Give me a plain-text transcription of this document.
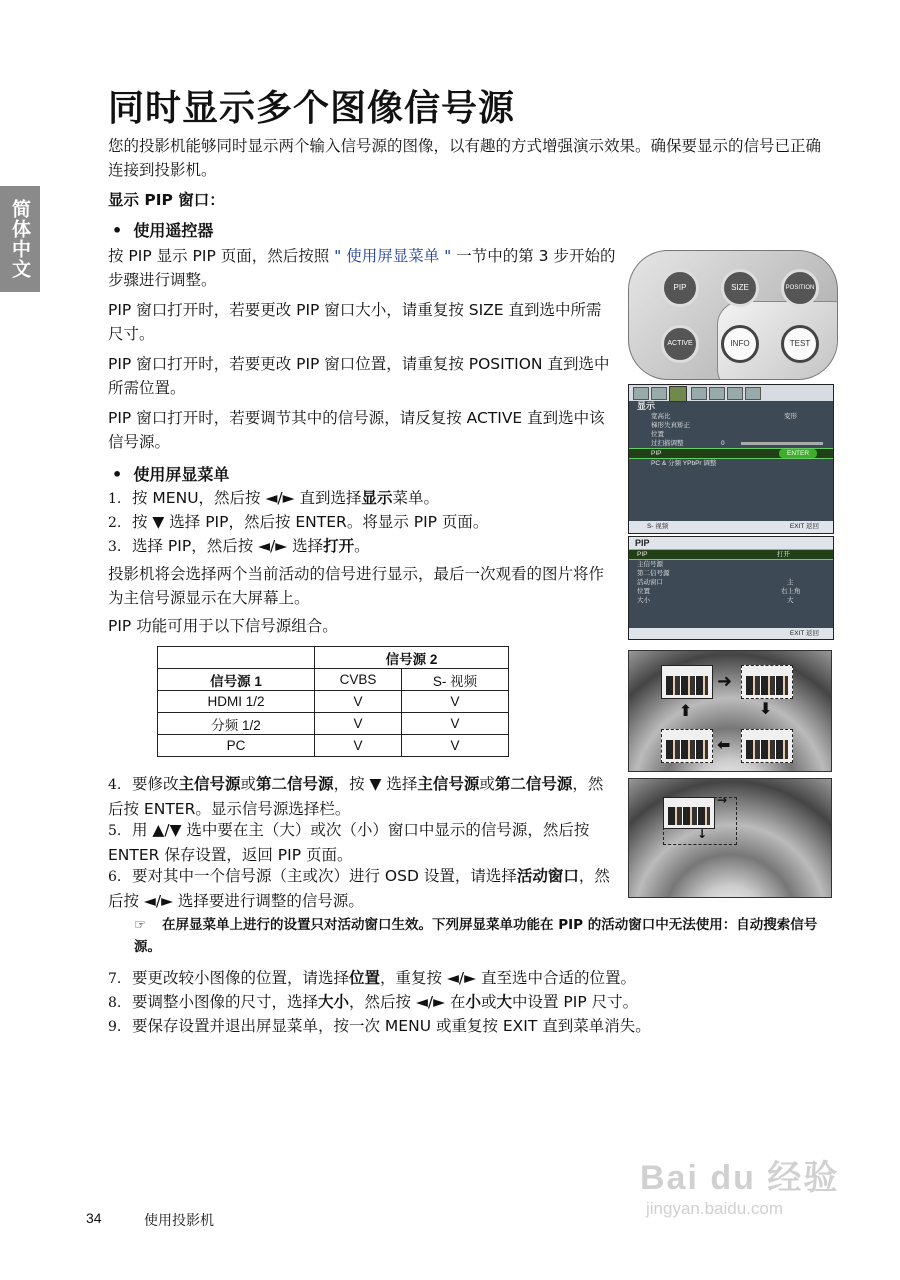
简体中文
同时显示多个图像信号源
您的投影机能够同时显示两个输入信号源的图像，以有趣的方式增强演示效果。确保要显示的信号已正确连接到投影机。
显示 PIP 窗口：
•  使用遥控器
按 PIP 显示 PIP 页面，然后按照 " 使用屏显菜单 " 一节中的第 3 步开始的步骤进行调整。
PIP 窗口打开时，若要更改 PIP 窗口大小，请重复按 SIZE 直到选中所需尺寸。
PIP 窗口打开时，若要更改 PIP 窗口位置，请重复按 POSITION 直到选中所需位置。
PIP 窗口打开时，若要调节其中的信号源，请反复按 ACTIVE 直到选中该信号源。
•  使用屏显菜单
1. 按 MENU，然后按 ◄/► 直到选择显示菜单。
2. 按 ▼ 选择 PIP，然后按 ENTER。将显示 PIP 页面。
3. 选择 PIP，然后按 ◄/► 选择打开。
投影机将会选择两个当前活动的信号进行显示，最后一次观看的图片将作为主信号源显示在大屏幕上。
PIP 功能可用于以下信号源组合。
	信号源 2	
信号源 1	CVBS	S- 视频
HDMI 1/2	V	V
分频 1/2	V	V
PC	V	V
4. 要修改主信号源或第二信号源，按 ▼ 选择主信号源或第二信号源，然后按 ENTER。显示信号源选择栏。
5. 用 ▲/▼ 选中要在主（大）或次（小）窗口中显示的信号源，然后按 ENTER 保存设置，返回 PIP 页面。
6. 要对其中一个信号源（主或次）进行 OSD 设置，请选择活动窗口，然后按 ◄/► 选择要进行调整的信号源。
☞ 在屏显菜单上进行的设置只对活动窗口生效。下列屏显菜单功能在 PIP 的活动窗口中无法使用：自动搜索信号源。
7. 要更改较小图像的位置，请选择位置，重复按 ◄/► 直至选中合适的位置。
8. 要调整小图像的尺寸，选择大小，然后按 ◄/► 在小或大中设置 PIP 尺寸。
9. 要保存设置并退出屏显菜单，按一次 MENU 或重复按 EXIT 直到菜单消失。
PIP	SIZE	POSITION
ACTIVE	INFO	TEST
显示
宽高比	变形
梯形失真矫正
位置
过扫描调整	0
PIP	ENTER
PC & 分频 YPbPr 调整
S- 视频	EXIT 返回
PIP
PIP	打开
主信号源
第二信号源
活动窗口	主
位置	右上角
大小	大
EXIT 返回
➜
⬇
⬅
⬆
→
↓
Bai du 经验
jingyan.baidu.com
34	使用投影机
